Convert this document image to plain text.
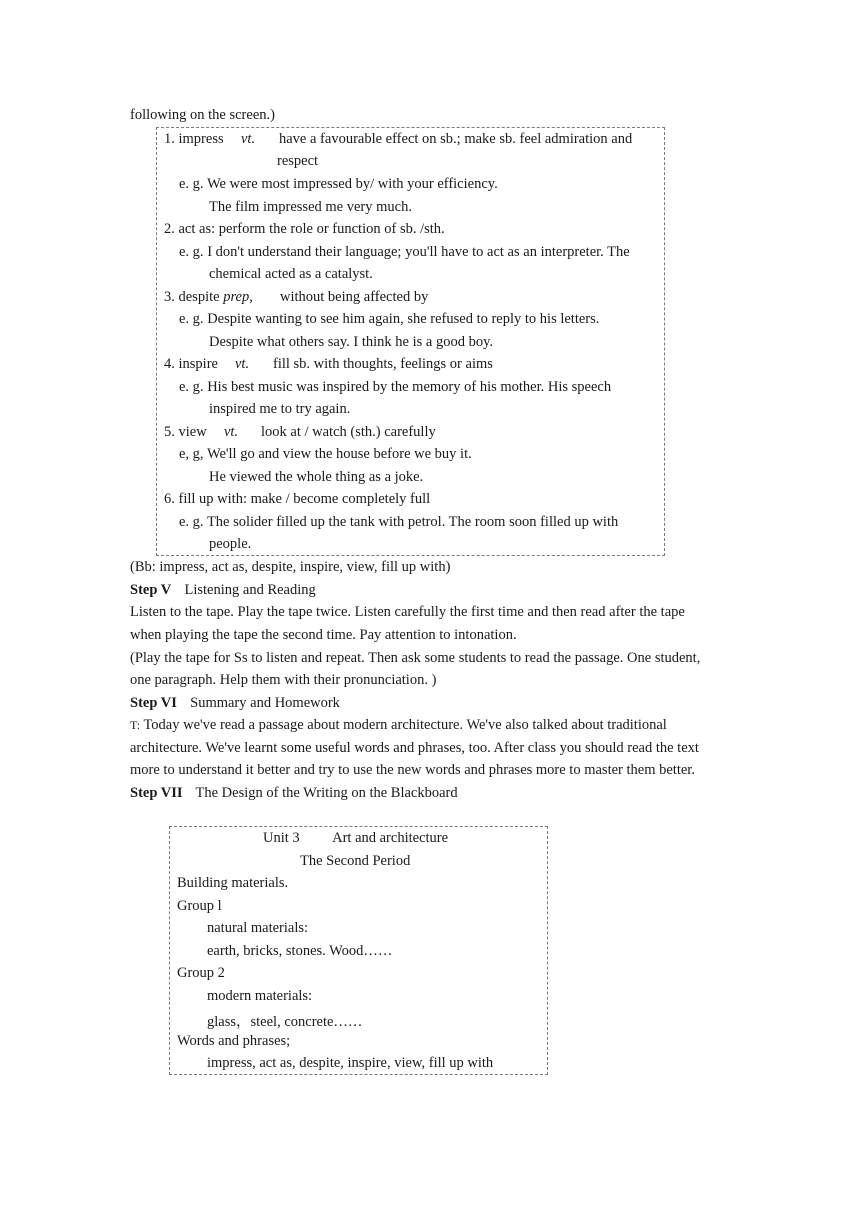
following on the screen.)
1. impress vt. have a favourable effect on sb.; make sb. feel admiration and
respect
e. g. We were most impressed by/ with your efficiency.
The film impressed me very much.
2. act as: perform the role or function of sb. /sth.
e. g. I don't understand their language; you'll have to act as an interpreter. The
chemical acted as a catalyst.
3. despite prep, without being affected by
e. g. Despite wanting to see him again, she refused to reply to his letters.
Despite what others say. I think he is a good boy.
4. inspire vt. fill sb. with thoughts, feelings or aims
e. g. His best music was inspired by the memory of his mother. His speech
inspired me to try again.
5. view vt. look at / watch (sth.) carefully
e, g, We'll go and view the house before we buy it.
He viewed the whole thing as a joke.
6. fill up with: make / become completely full
e. g. The solider filled up the tank with petrol. The room soon filled up with
people.
(Bb: impress, act as, despite, inspire, view, fill up with)
Step V Listening and Reading
Listen to the tape. Play the tape twice. Listen carefully the first time and then read after the tape
when playing the tape the second time. Pay attention to intonation.
(Play the tape for Ss to listen and repeat. Then ask some students to read the passage. One student,
one paragraph. Help them with their pronunciation. )
Step VI Summary and Homework
T: Today we've read a passage about modern architecture. We've also talked about traditional
architecture. We've learnt some useful words and phrases, too. After class you should read the text
more to understand it better and try to use the new words and phrases more to master them better.
Step VII The Design of the Writing on the Blackboard
Unit 3 Art and architecture
The Second Period
Building materials.
Group l
natural materials:
earth, bricks, stones. Wood……
Group 2
modern materials:
glass，steel, concrete……
Words and phrases;
impress, act as, despite, inspire, view, fill up with
